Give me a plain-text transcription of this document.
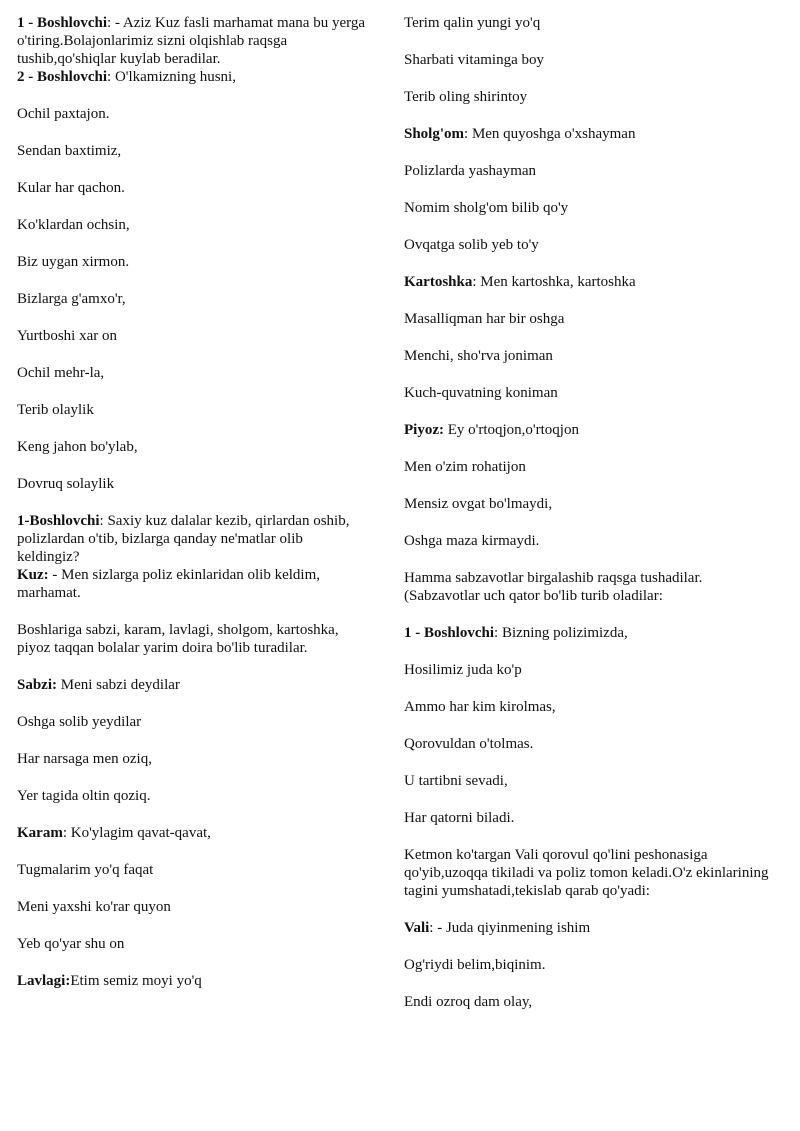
1 - Boshlovchi: - Aziz Kuz fasli marhamat mana bu yerga o'tiring.Bolajonlarimiz sizni olqishlab raqsga tushib,qo'shiqlar kuylab beradilar.

2 - Boshlovchi: O'lkamizning husni,

Ochil paxtajon.

Sendan baxtimiz,

Kular har qachon.

Ko'klardan ochsin,

Biz uygan xirmon.

Bizlarga g'amxo'r,

Yurtboshi xar on

Ochil mehr-la,

Terib olaylik

Keng jahon bo'ylab,

Dovruq solaylik

1-Boshlovchi: Saxiy kuz dalalar kezib, qirlardan oshib, polizlardan o'tib, bizlarga qanday ne'matlar olib keldingiz?

Kuz: - Men sizlarga poliz ekinlaridan olib keldim, marhamat.

Boshlariga sabzi, karam, lavlagi, sholgom, kartoshka, piyoz taqqan bolalar yarim doira bo'lib turadilar.

Sabzi: Meni sabzi deydilar

Oshga solib yeydilar

Har narsaga men oziq,

Yer tagida oltin qoziq.

Karam: Ko'ylagim qavat-qavat,

Tugmalarim yo'q faqat

Meni yaxshi ko'rar quyon

Yeb qo'yar shu on

Lavlagi:Etim semiz moyi yo'q

Terim qalin yungi yo'q

Sharbati vitaminga boy

Terib oling shirintoy

Sholg'om: Men quyoshga o'xshayman

Polizlarda yashayman

Nomim sholg'om bilib qo'y

Ovqatga solib yeb to'y

Kartoshka: Men kartoshka, kartoshka

Masalliqman har bir oshga

Menchi, sho'rva joniman

Kuch-quvatning koniman

Piyoz: Ey o'rtoqjon,o'rtoqjon

Men o'zim rohatijon

Mensiz ovgat bo'lmaydi,

Oshga maza kirmaydi.

Hamma sabzavotlar birgalashib raqsga tushadilar.(Sabzavotlar uch qator bo'lib turib oladilar:

1 - Boshlovchi: Bizning polizimizda,

Hosilimiz juda ko'p

Ammo har kim kirolmas,

Qorovuldan o'tolmas.

U tartibni sevadi,

Har qatorni biladi.

Ketmon ko'targan Vali qorovul qo'lini peshonasiga qo'yib,uzoqqa tikiladi va poliz tomon keladi.O'z ekinlarining tagini yumshatadi,tekislab qarab qo'yadi:

Vali: - Juda qiyinmening ishim

Og'riydi belim,biqinim.

Endi ozroq dam olay,
